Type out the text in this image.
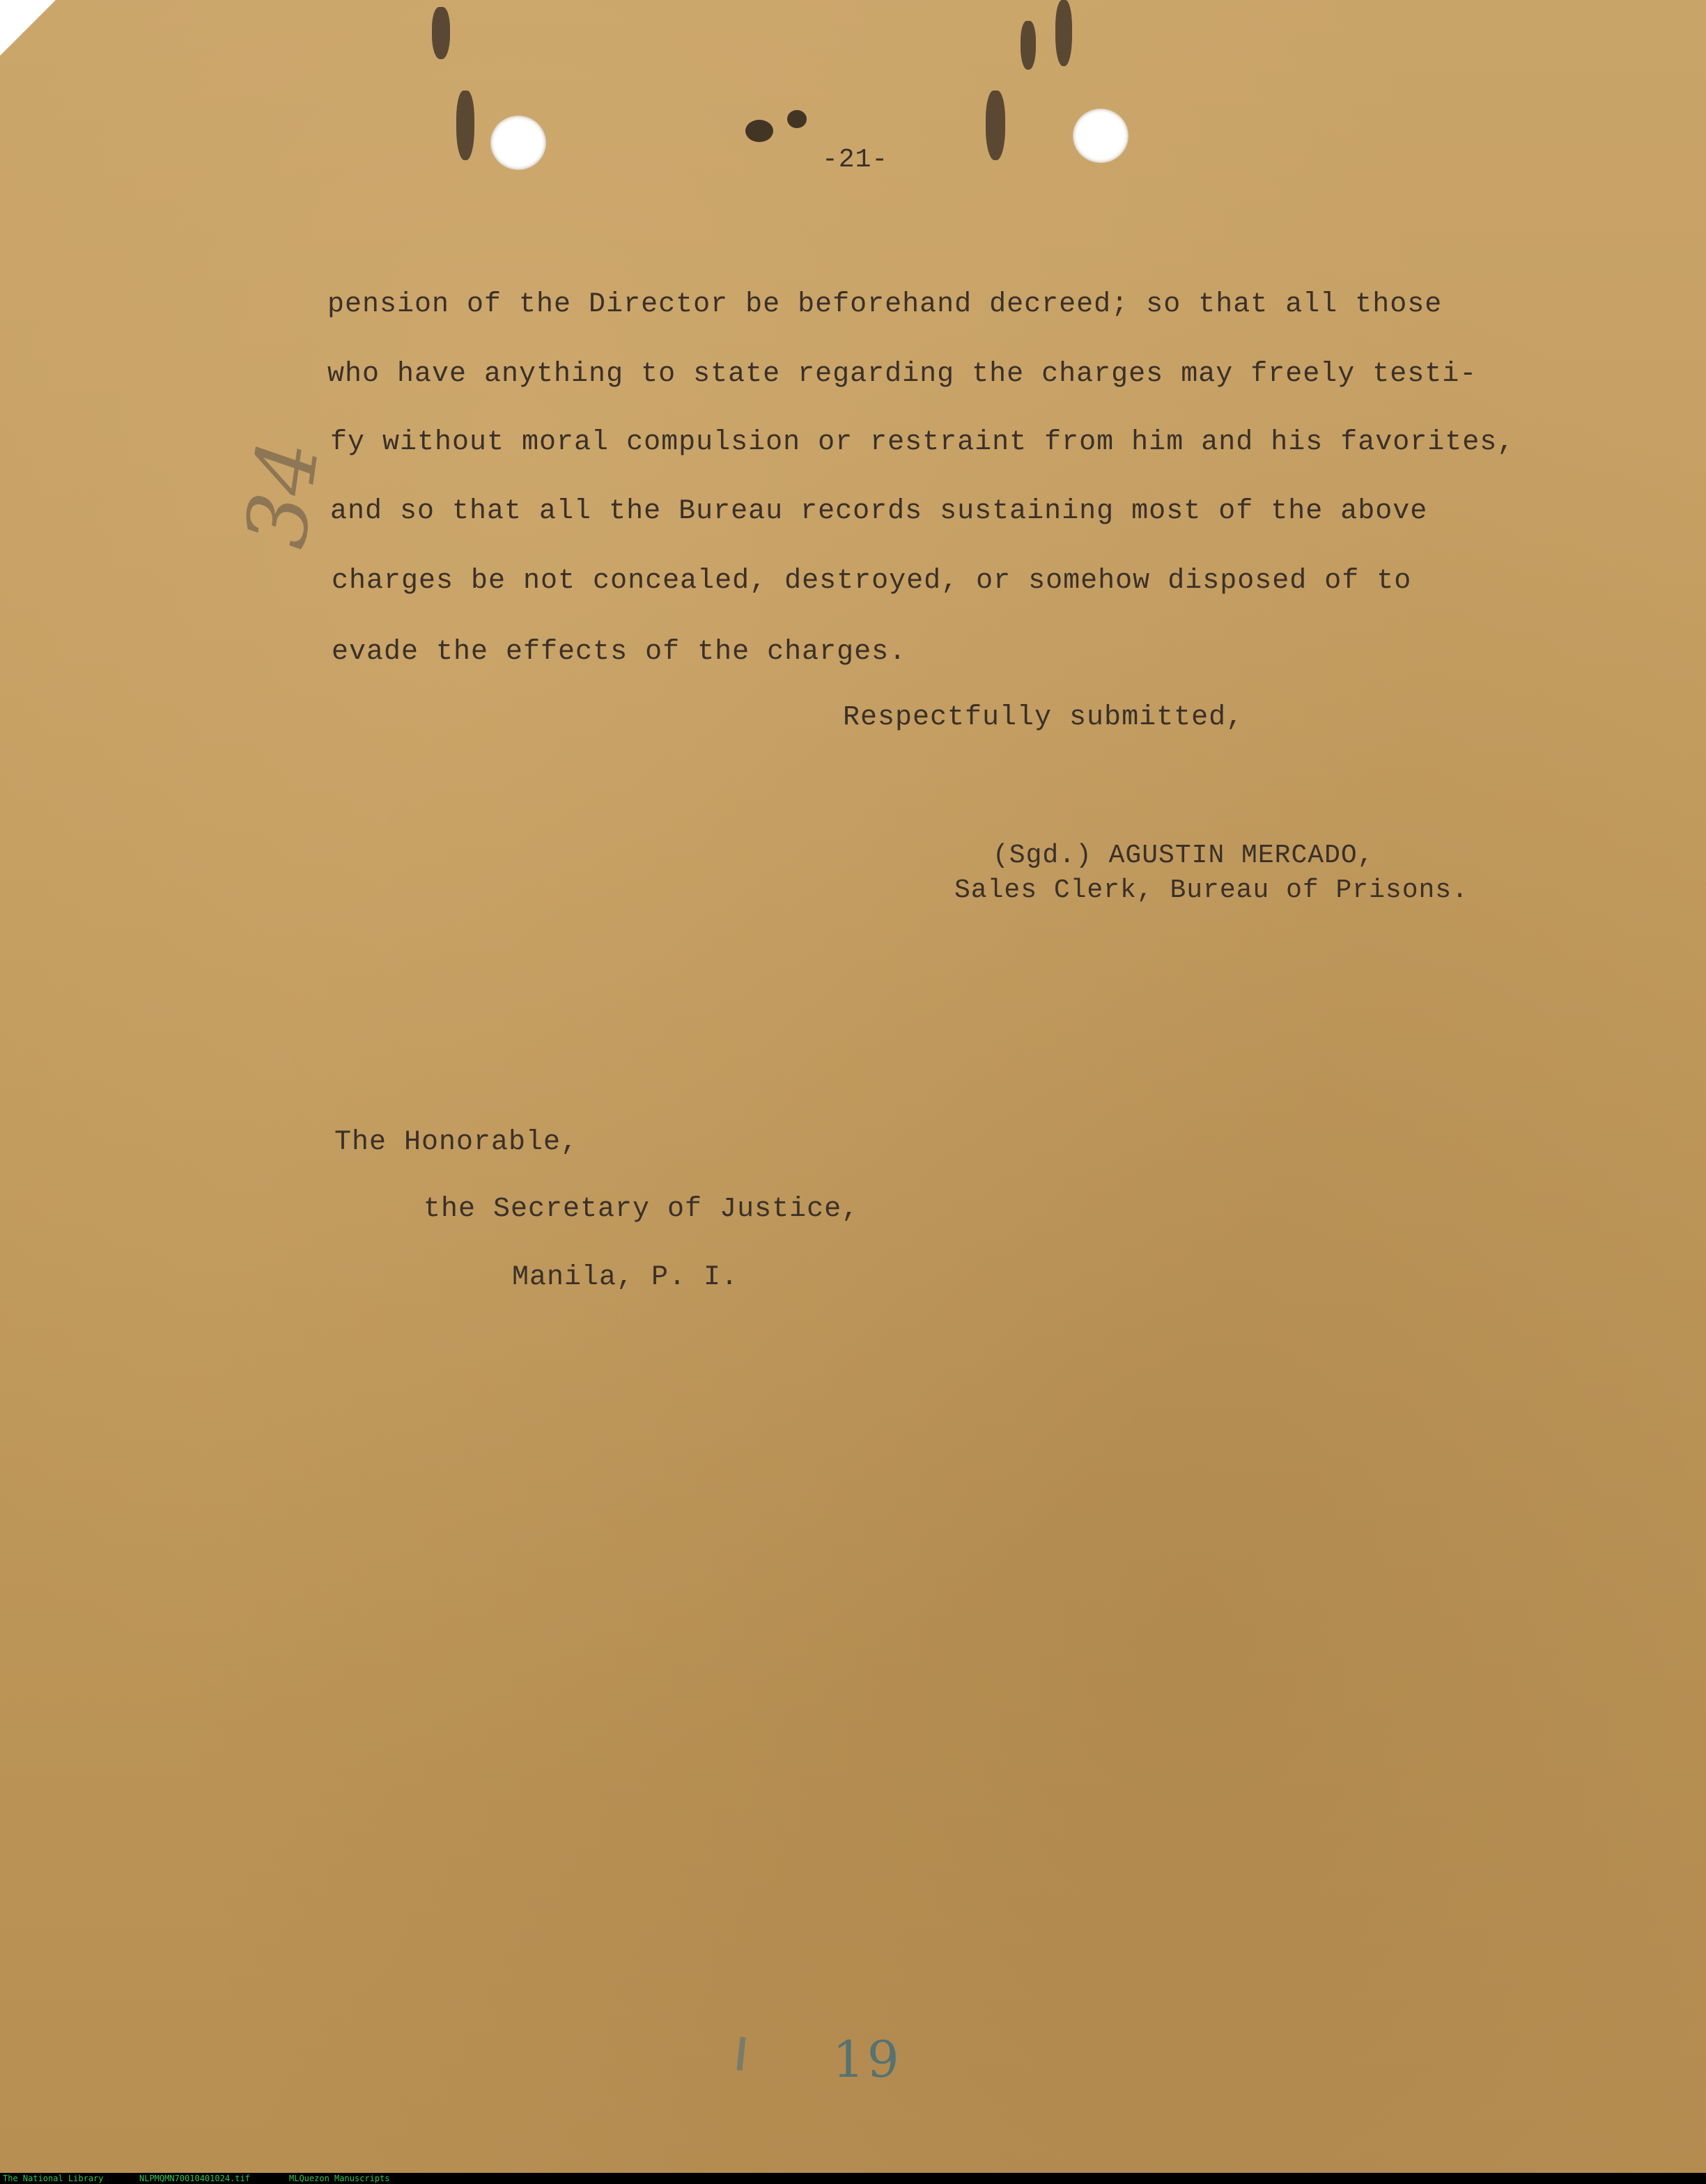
-21-
pension of the Director be beforehand decreed; so that all those
who have anything to state regarding the charges may freely testi-
fy without moral compulsion or restraint from him and his favorites,
and so that all the Bureau records sustaining most of the above
charges be not concealed, destroyed, or somehow disposed of to
evade the effects of the charges.
34
Respectfully submitted,
(Sgd.) AGUSTIN MERCADO,
Sales Clerk, Bureau of Prisons.
The Honorable,
the Secretary of Justice,
Manila, P. I.
19
The National Library	NLPMQMN70010401024.tif	MLQuezon Manuscripts
